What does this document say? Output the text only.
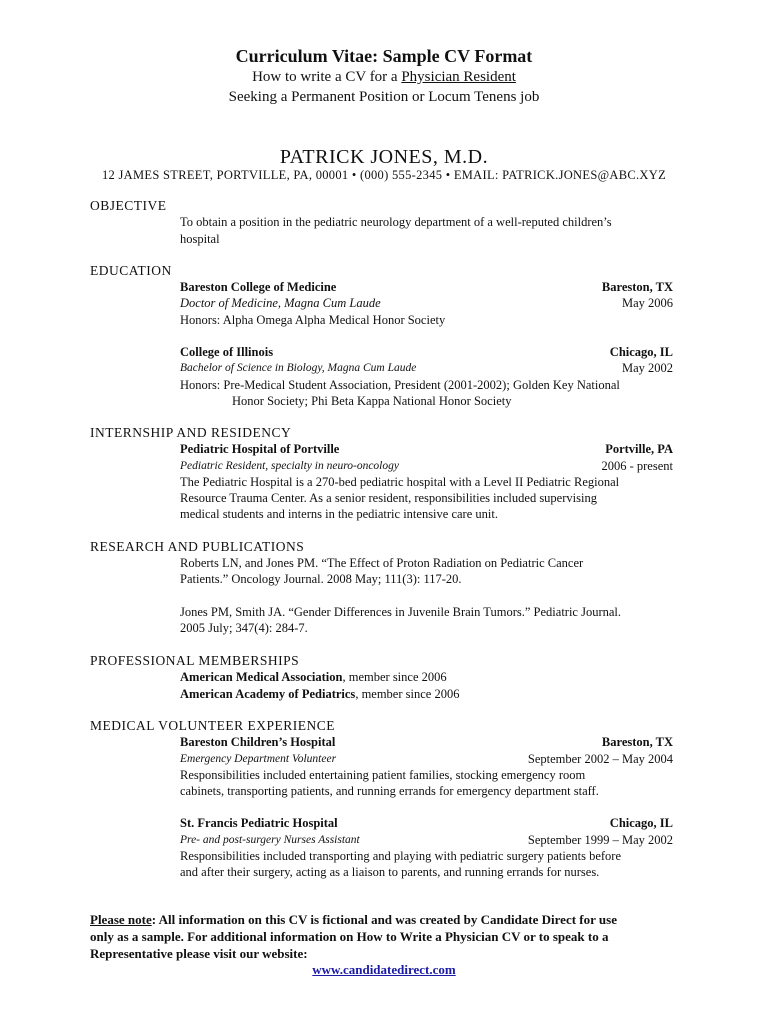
Curriculum Vitae: Sample CV Format
How to write a CV for a Physician Resident
Seeking a Permanent Position or Locum Tenens job
PATRICK JONES, M.D.
12 JAMES STREET, PORTVILLE, PA, 00001 • (000) 555-2345 • EMAIL: PATRICK.JONES@ABC.XYZ
OBJECTIVE
To obtain a position in the pediatric neurology department of a well-reputed children’s
hospital
EDUCATION
Bareston College of Medicine	Bareston, TX
Doctor of Medicine, Magna Cum Laude	May 2006
Honors: Alpha Omega Alpha Medical Honor Society
College of Illinois	Chicago, IL
Bachelor of Science in Biology, Magna Cum Laude	May 2002
Honors: Pre-Medical Student Association, President (2001-2002); Golden Key National
Honor Society; Phi Beta Kappa National Honor Society
INTERNSHIP AND RESIDENCY
Pediatric Hospital of Portville	Portville, PA
Pediatric Resident, specialty in neuro-oncology	2006 - present
The Pediatric Hospital is a 270-bed pediatric hospital with a Level II Pediatric Regional
Resource Trauma Center. As a senior resident, responsibilities included supervising
medical students and interns in the pediatric intensive care unit.
RESEARCH AND PUBLICATIONS
Roberts LN, and Jones PM. “The Effect of Proton Radiation on Pediatric Cancer
Patients.” Oncology Journal. 2008 May; 111(3): 117-20.
Jones PM, Smith JA. “Gender Differences in Juvenile Brain Tumors.” Pediatric Journal.
2005 July; 347(4): 284-7.
PROFESSIONAL MEMBERSHIPS
American Medical Association, member since 2006
American Academy of Pediatrics, member since 2006
MEDICAL VOLUNTEER EXPERIENCE
Bareston Children’s Hospital	Bareston, TX
Emergency Department Volunteer	September 2002 – May 2004
Responsibilities included entertaining patient families, stocking emergency room
cabinets, transporting patients, and running errands for emergency department staff.
St. Francis Pediatric Hospital	Chicago, IL
Pre- and post-surgery Nurses Assistant	September 1999 – May 2002
Responsibilities included transporting and playing with pediatric surgery patients before
and after their surgery, acting as a liaison to parents, and running errands for nurses.
Please note: All information on this CV is fictional and was created by Candidate Direct for use
only as a sample. For additional information on How to Write a Physician CV or to speak to a
Representative please visit our website:
www.candidatedirect.com
